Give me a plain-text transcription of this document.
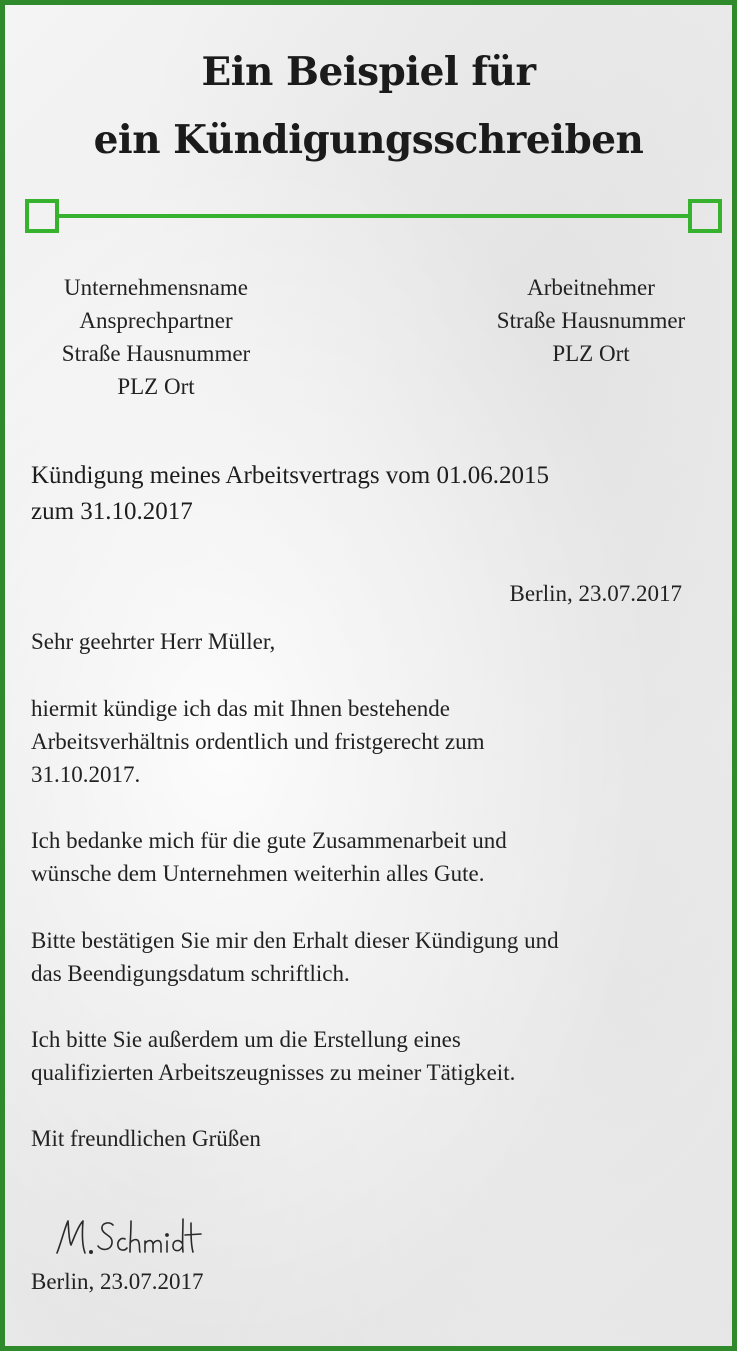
Ein Beispiel für
ein Kündigungsschreiben
Unternehmensname
Ansprechpartner
Straße Hausnummer
PLZ Ort
Arbeitnehmer
Straße Hausnummer
PLZ Ort
Kündigung meines Arbeitsvertrags vom 01.06.2015
zum 31.10.2017
Berlin, 23.07.2017
Sehr geehrter Herr Müller,
hiermit kündige ich das mit Ihnen bestehende
Arbeitsverhältnis ordentlich und fristgerecht zum
31.10.2017.
Ich bedanke mich für die gute Zusammenarbeit und
wünsche dem Unternehmen weiterhin alles Gute.
Bitte bestätigen Sie mir den Erhalt dieser Kündigung und
das Beendigungsdatum schriftlich.
Ich bitte Sie außerdem um die Erstellung eines
qualifizierten Arbeitszeugnisses zu meiner Tätigkeit.
Mit freundlichen Grüßen
Berlin, 23.07.2017
